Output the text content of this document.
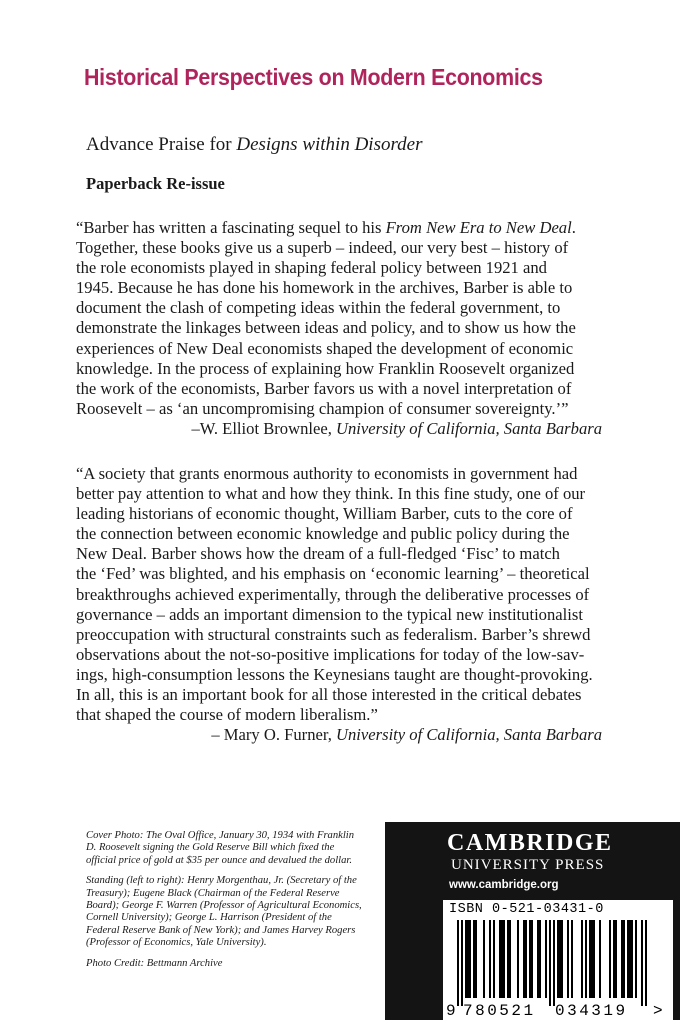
Historical Perspectives on Modern Economics
Advance Praise for Designs within Disorder
Paperback Re-issue

“Barber has written a fascinating sequel to his From New Era to New Deal.
Together, these books give us a superb – indeed, our very best – history of
the role economists played in shaping federal policy between 1921 and
1945. Because he has done his homework in the archives, Barber is able to
document the clash of competing ideas within the federal government, to
demonstrate the linkages between ideas and policy, and to show us how the
experiences of New Deal economists shaped the development of economic
knowledge. In the process of explaining how Franklin Roosevelt organized
the work of the economists, Barber favors us with a novel interpretation of
Roosevelt – as ‘an uncompromising champion of consumer sovereignty.’”

–W. Elliot Brownlee, University of California, Santa Barbara

“A society that grants enormous authority to economists in government had
better pay attention to what and how they think. In this fine study, one of our
leading historians of economic thought, William Barber, cuts to the core of
the connection between economic knowledge and public policy during the
New Deal. Barber shows how the dream of a full-fledged ‘Fisc’ to match
the ‘Fed’ was blighted, and his emphasis on ‘economic learning’ – theoretical
breakthroughs achieved experimentally, through the deliberative processes of
governance – adds an important dimension to the typical new institutionalist
preoccupation with structural constraints such as federalism. Barber’s shrewd
observations about the not-so-positive implications for today of the low-sav-
ings, high-consumption lessons the Keynesians taught are thought-provoking.
In all, this is an important book for all those interested in the critical debates
that shaped the course of modern liberalism.”

– Mary O. Furner, University of California, Santa Barbara

Cover Photo: The Oval Office, January 30, 1934 with Franklin D. Roosevelt signing the Gold Reserve Bill which fixed the official price of gold at $35 per ounce and devalued the dollar.

Standing (left to right): Henry Morgenthau, Jr. (Secretary of the Treasury); Eugene Black (Chairman of the Federal Reserve Board); George F. Warren (Professor of Agricultural Economics, Cornell University); George L. Harrison (President of the Federal Reserve Bank of New York); and James Harvey Rogers (Professor of Economics, Yale University).

Photo Credit: Bettmann Archive

CAMBRIDGE
UNIVERSITY PRESS
www.cambridge.org
ISBN 0-521-03431-0
9 780521 034319 >
